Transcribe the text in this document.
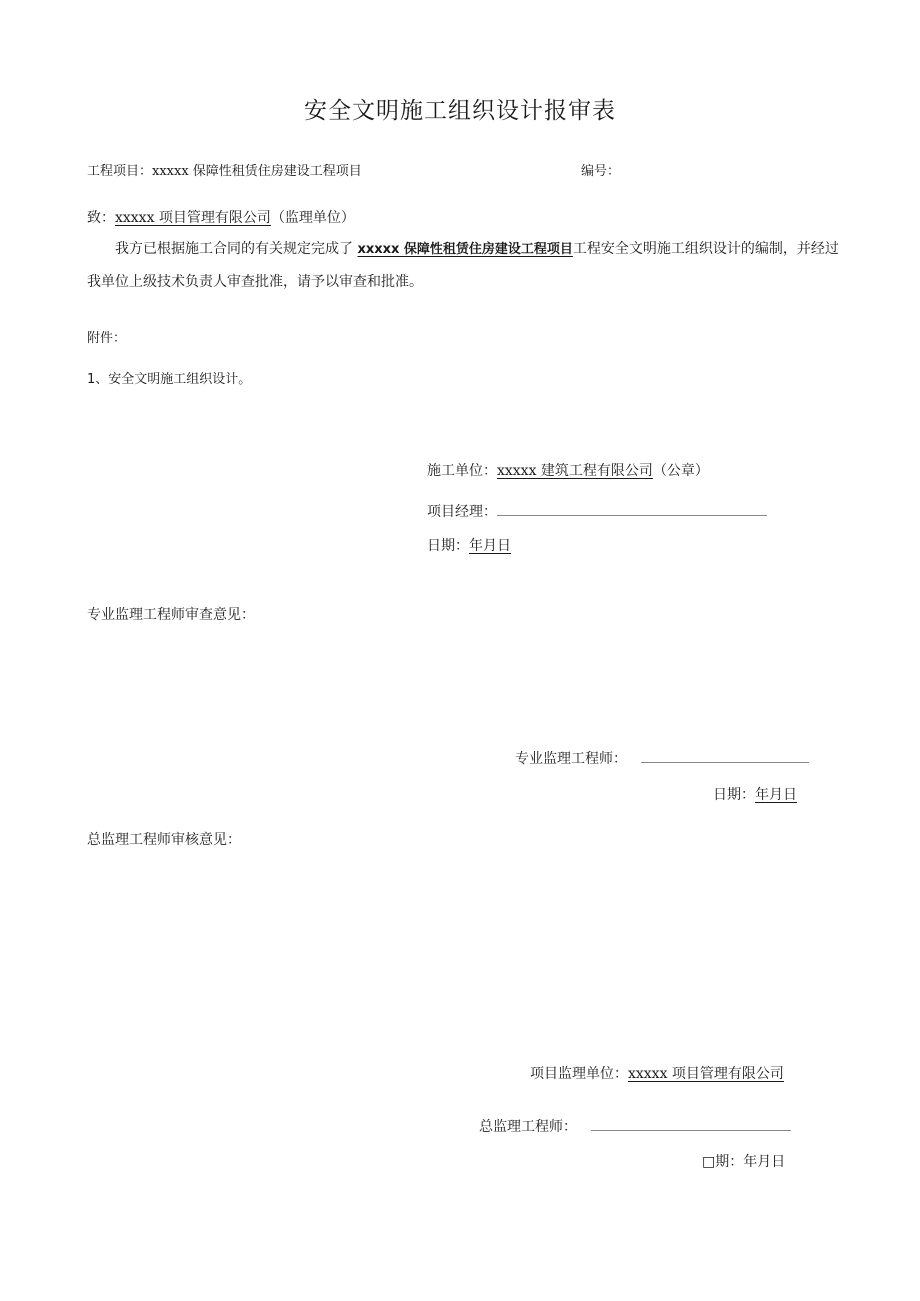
安全文明施工组织设计报审表
工程项目：xxxxx 保障性租赁住房建设工程项目	编号：
致：xxxxx 项目管理有限公司（监理单位）
我方已根据施工合同的有关规定完成了 xxxxx 保障性租赁住房建设工程项目工程安全文明施工组织设计的编制，并经过我单位上级技术负责人审查批准，请予以审查和批准。
附件：
1、安全文明施工组织设计。
施工单位：xxxxx 建筑工程有限公司（公章）
项目经理：
日期：年月日
专业监理工程师审查意见：
专业监理工程师：
日期：年月日
总监理工程师审核意见：
项目监理单位：xxxxx 项目管理有限公司
总监理工程师：
□期：年月日
